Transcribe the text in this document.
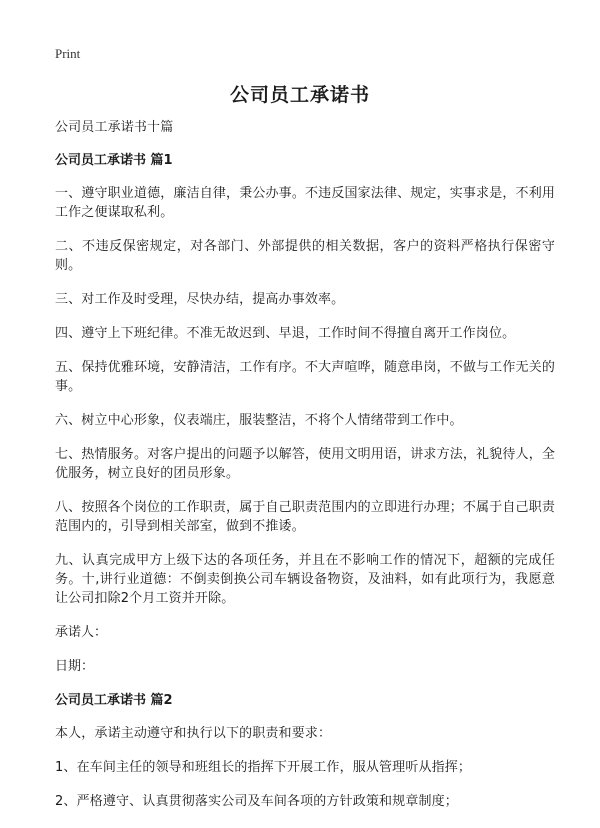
Print
公司员工承诺书
公司员工承诺书十篇
公司员工承诺书 篇1
一、遵守职业道德，廉洁自律，秉公办事。不违反国家法律、规定，实事求是，不利用工作之便谋取私利。
二、不违反保密规定，对各部门、外部提供的相关数据，客户的资料严格执行保密守则。
三、对工作及时受理，尽快办结，提高办事效率。
四、遵守上下班纪律。不准无故迟到、早退，工作时间不得擅自离开工作岗位。
五、保持优雅环境，安静清洁，工作有序。不大声喧哗，随意串岗，不做与工作无关的事。
六、树立中心形象，仪表端庄，服装整洁，不将个人情绪带到工作中。
七、热情服务。对客户提出的问题予以解答，使用文明用语，讲求方法，礼貌待人，全优服务，树立良好的团员形象。
八、按照各个岗位的工作职责，属于自己职责范围内的立即进行办理；不属于自己职责范围内的，引导到相关部室，做到不推诿。
九、认真完成甲方上级下达的各项任务，并且在不影响工作的情况下，超额的完成任务。十,讲行业道德：不倒卖倒换公司车辆设备物资，及油料，如有此项行为，我愿意让公司扣除2个月工资并开除。
承诺人：
日期：
公司员工承诺书 篇2
本人，承诺主动遵守和执行以下的职责和要求：
1、在车间主任的领导和班组长的指挥下开展工作，服从管理听从指挥；
2、严格遵守、认真贯彻落实公司及车间各项的方针政策和规章制度；
